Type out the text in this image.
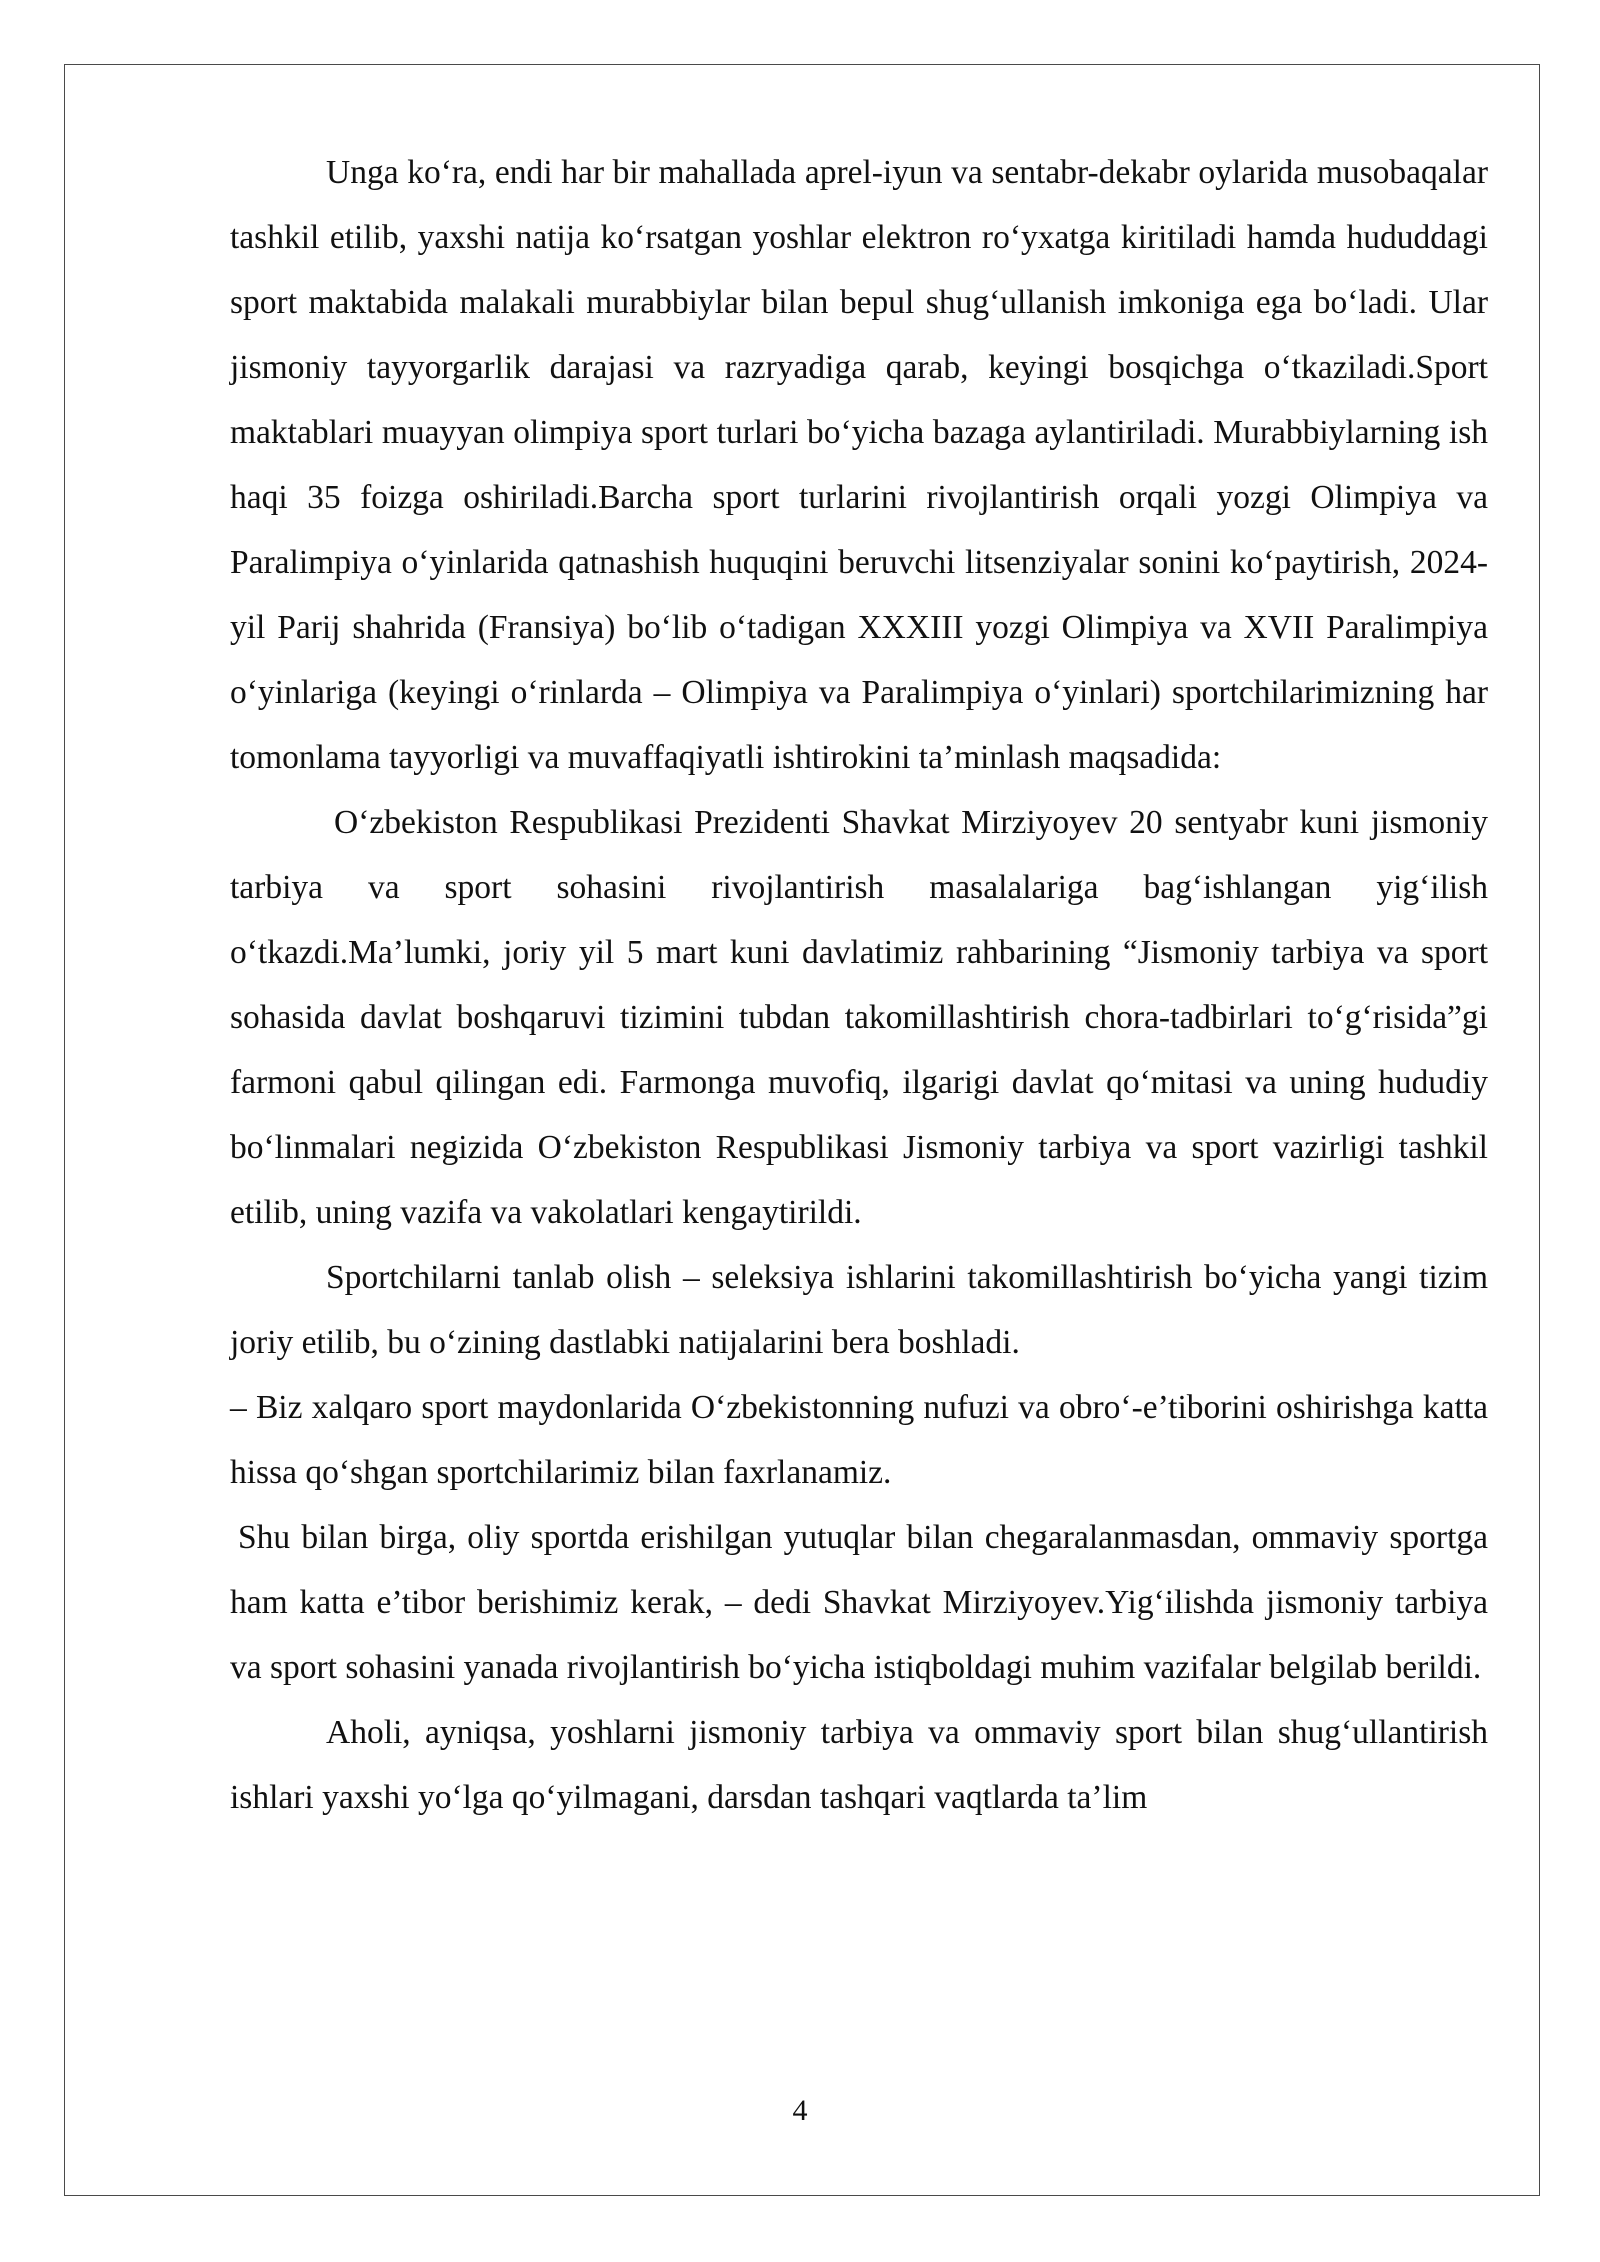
Unga ko‘ra, endi har bir mahallada aprel-iyun va sentabr-dekabr oylarida musobaqalar tashkil etilib, yaxshi natija ko‘rsatgan yoshlar elektron ro‘yxatga kiritiladi hamda hududdagi sport maktabida malakali murabbiylar bilan bepul shug‘ullanish imkoniga ega bo‘ladi. Ular jismoniy tayyorgarlik darajasi va razryadiga qarab, keyingi bosqichga o‘tkaziladi.Sport maktablari muayyan olimpiya sport turlari bo‘yicha bazaga aylantiriladi. Murabbiylarning ish haqi 35 foizga oshiriladi.Barcha sport turlarini rivojlantirish orqali yozgi Olimpiya va Paralimpiya o‘yinlarida qatnashish huquqini beruvchi litsenziyalar sonini ko‘paytirish, 2024-yil Parij shahrida (Fransiya) bo‘lib o‘tadigan XXXIII yozgi Olimpiya va XVII Paralimpiya o‘yinlariga (keyingi o‘rinlarda – Olimpiya va Paralimpiya o‘yinlari) sportchilarimizning har tomonlama tayyorligi va muvaffaqiyatli ishtirokini ta’minlash maqsadida:

O‘zbekiston Respublikasi Prezidenti Shavkat Mirziyoyev 20 sentyabr kuni jismoniy tarbiya va sport sohasini rivojlantirish masalalariga bag‘ishlangan yig‘ilish o‘tkazdi.Ma’lumki, joriy yil 5 mart kuni davlatimiz rahbarining “Jismoniy tarbiya va sport sohasida davlat boshqaruvi tizimini tubdan takomillashtirish chora-tadbirlari to‘g‘risida”gi farmoni qabul qilingan edi. Farmonga muvofiq, ilgarigi davlat qo‘mitasi va uning hududiy bo‘linmalari negizida O‘zbekiston Respublikasi Jismoniy tarbiya va sport vazirligi tashkil etilib, uning vazifa va vakolatlari kengaytirildi.

Sportchilarni tanlab olish – seleksiya ishlarini takomillashtirish bo‘yicha yangi tizim joriy etilib, bu o‘zining dastlabki natijalarini bera boshladi.

– Biz xalqaro sport maydonlarida O‘zbekistonning nufuzi va obro‘-e’tiborini oshirishga katta hissa qo‘shgan sportchilarimiz bilan faxrlanamiz.

Shu bilan birga, oliy sportda erishilgan yutuqlar bilan chegaralanmasdan, ommaviy sportga ham katta e’tibor berishimiz kerak, – dedi Shavkat Mirziyoyev.Yig‘ilishda jismoniy tarbiya va sport sohasini yanada rivojlantirish bo‘yicha istiqboldagi muhim vazifalar belgilab berildi.

Aholi, ayniqsa, yoshlarni jismoniy tarbiya va ommaviy sport bilan shug‘ullantirish ishlari yaxshi yo‘lga qo‘yilmagani, darsdan tashqari vaqtlarda ta’lim

4
